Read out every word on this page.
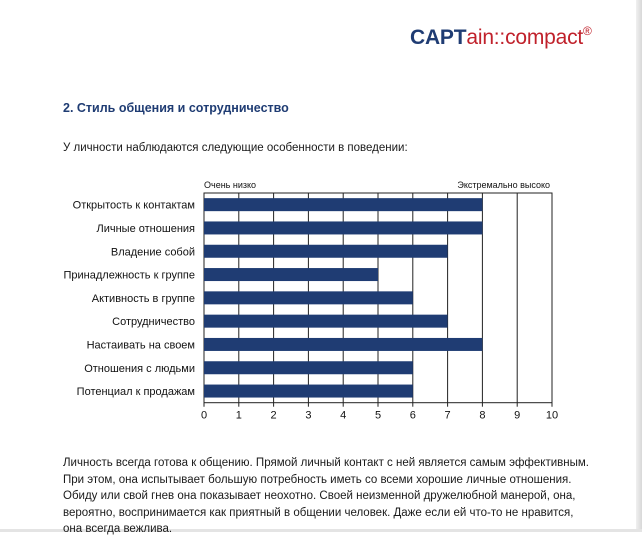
CAPTain::compact®
2. Стиль общения и сотрудничество
У личности наблюдаются следующие особенности в поведении:
Очень низко	Экстремально высоко
Открытость к контактам
Личные отношения
Владение собой
Принадлежность к группе
Активность в группе
Сотрудничество
Настаивать на своем
Отношения с людьми
Потенциал к продажам
0	1	2	3	4	5	6	7	8	9 10
Личность всегда готова к общению. Прямой личный контакт с ней является самым эффективным. При этом, она испытывает большую потребность иметь со всеми хорошие личные отношения. Обиду или свой гнев она показывает неохотно. Своей неизменной дружелюбной манерой, она, вероятно, воспринимается как приятный в общении человек. Даже если ей что-то не нравится, она всегда вежлива.
